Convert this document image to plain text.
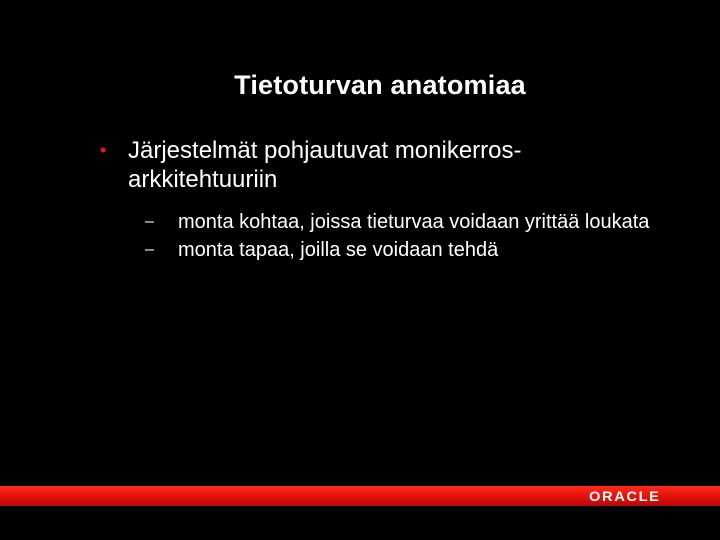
Tietoturvan anatomiaa
• Järjestelmät pohjautuvat monikerros-arkkitehtuuriin
– monta kohtaa, joissa tieturvaa voidaan yrittää loukata
– monta tapaa, joilla se voidaan tehdä
ORACLE
